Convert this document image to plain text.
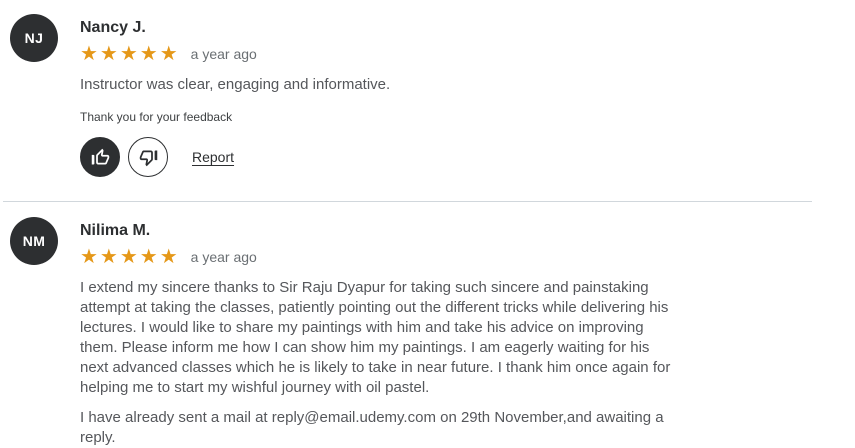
NJ
Nancy J.
★★★★★ a year ago

Instructor was clear, engaging and informative.

Thank you for your feedback
Report
NM
Nilima M.
★★★★★ a year ago

I extend my sincere thanks to Sir Raju Dyapur for taking such sincere and painstaking attempt at taking the classes, patiently pointing out the different tricks while delivering his lectures. I would like to share my paintings with him and take his advice on improving them. Please inform me how I can show him my paintings. I am eagerly waiting for his next advanced classes which he is likely to take in near future. I thank him once again for helping me to start my wishful journey with oil pastel.

I have already sent a mail at reply@email.udemy.com on 29th November,and awaiting a reply.
